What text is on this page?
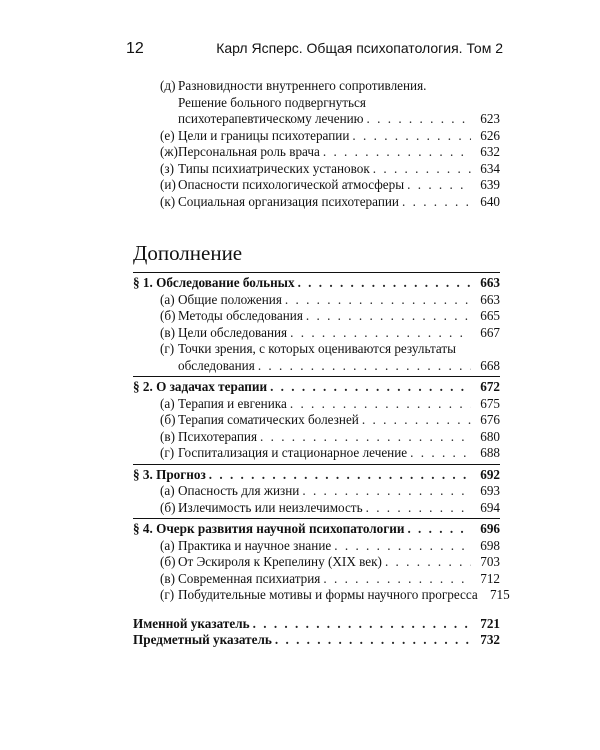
12	Карл Ясперс. Общая психопатология. Том 2
(д) Разновидности внутреннего сопротивления.
Решение больного подвергнуться
психотерапевтическому лечению . . .	623
(е) Цели и границы психотерапии . . .	626
(ж) Персональная роль врача . . .	632
(з) Типы психиатрических установок . . .	634
(и) Опасности психологической атмосферы . . .	639
(к) Социальная организация психотерапии . . .	640
Дополнение
§ 1. Обследование больных . . .	663
(а) Общие положения . . .	663
(б) Методы обследования . . .	665
(в) Цели обследования . . .	667
(г) Точки зрения, с которых оцениваются результаты
обследования . . .	668
§ 2. О задачах терапии . . .	672
(а) Терапия и евгеника . . .	675
(б) Терапия соматических болезней . . .	676
(в) Психотерапия . . .	680
(г) Госпитализация и стационарное лечение . . .	688
§ 3. Прогноз . . .	692
(а) Опасность для жизни . . .	693
(б) Излечимость или неизлечимость . . .	694
§ 4. Очерк развития научной психопатологии . . .	696
(а) Практика и научное знание . . .	698
(б) От Эскироля к Крепелину (XIX век) . . .	703
(в) Современная психиатрия . . .	712
(г) Побудительные мотивы и формы научного прогресса 715
Именной указатель . . .	721
Предметный указатель . . .	732
